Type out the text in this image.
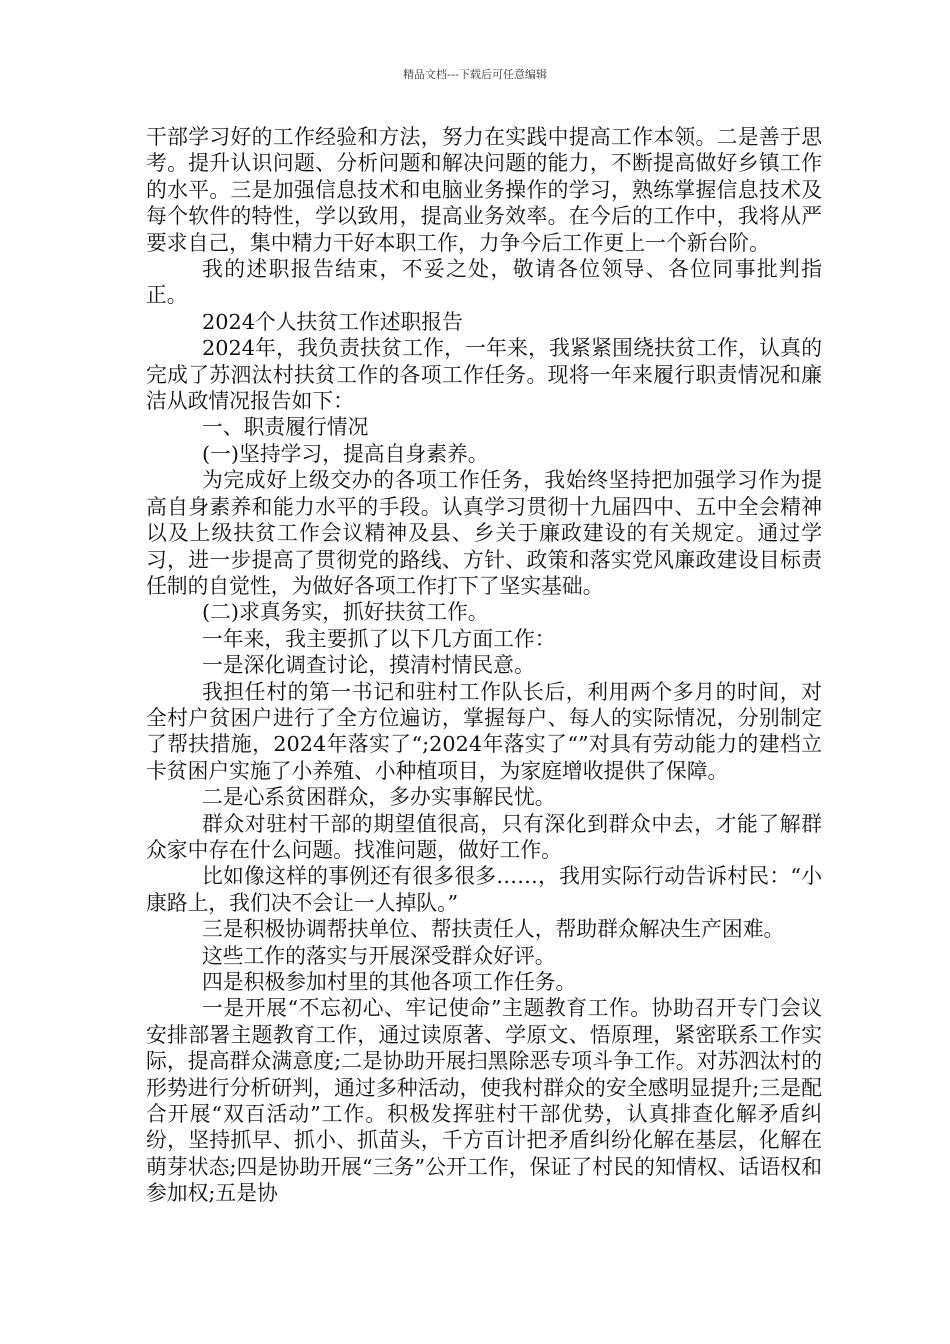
精品文档---下载后可任意编辑

干部学习好的工作经验和方法，努力在实践中提高工作本领。二是善于思考。提升认识问题、分析问题和解决问题的能力，不断提高做好乡镇工作的水平。三是加强信息技术和电脑业务操作的学习，熟练掌握信息技术及每个软件的特性，学以致用，提高业务效率。在今后的工作中，我将从严要求自己，集中精力干好本职工作，力争今后工作更上一个新台阶。

我的述职报告结束，不妥之处，敬请各位领导、各位同事批判指正。

2024个人扶贫工作述职报告

2024年，我负责扶贫工作，一年来，我紧紧围绕扶贫工作，认真的完成了苏泗汰村扶贫工作的各项工作任务。现将一年来履行职责情况和廉洁从政情况报告如下：

一、职责履行情况

(一)坚持学习，提高自身素养。

为完成好上级交办的各项工作任务，我始终坚持把加强学习作为提高自身素养和能力水平的手段。认真学习贯彻十九届四中、五中全会精神以及上级扶贫工作会议精神及县、乡关于廉政建设的有关规定。通过学习，进一步提高了贯彻党的路线、方针、政策和落实党风廉政建设目标责任制的自觉性，为做好各项工作打下了坚实基础。

(二)求真务实，抓好扶贫工作。

一年来，我主要抓了以下几方面工作：

一是深化调查讨论，摸清村情民意。

我担任村的第一书记和驻村工作队长后，利用两个多月的时间，对全村户贫困户进行了全方位遍访，掌握每户、每人的实际情况，分别制定了帮扶措施，2024年落实了“;2024年落实了“”对具有劳动能力的建档立卡贫困户实施了小养殖、小种植项目，为家庭增收提供了保障。

二是心系贫困群众，多办实事解民忧。

群众对驻村干部的期望值很高，只有深化到群众中去，才能了解群众家中存在什么问题。找准问题，做好工作。

比如像这样的事例还有很多很多……，我用实际行动告诉村民：“小康路上，我们决不会让一人掉队。”

三是积极协调帮扶单位、帮扶责任人，帮助群众解决生产困难。

这些工作的落实与开展深受群众好评。

四是积极参加村里的其他各项工作任务。

一是开展“不忘初心、牢记使命”主题教育工作。协助召开专门会议安排部署主题教育工作，通过读原著、学原文、悟原理，紧密联系工作实际，提高群众满意度;二是协助开展扫黑除恶专项斗争工作。对苏泗汰村的形势进行分析研判，通过多种活动，使我村群众的安全感明显提升;三是配合开展“双百活动”工作。积极发挥驻村干部优势，认真排查化解矛盾纠纷，坚持抓早、抓小、抓苗头，千方百计把矛盾纠纷化解在基层，化解在萌芽状态;四是协助开展“三务”公开工作，保证了村民的知情权、话语权和参加权;五是协
